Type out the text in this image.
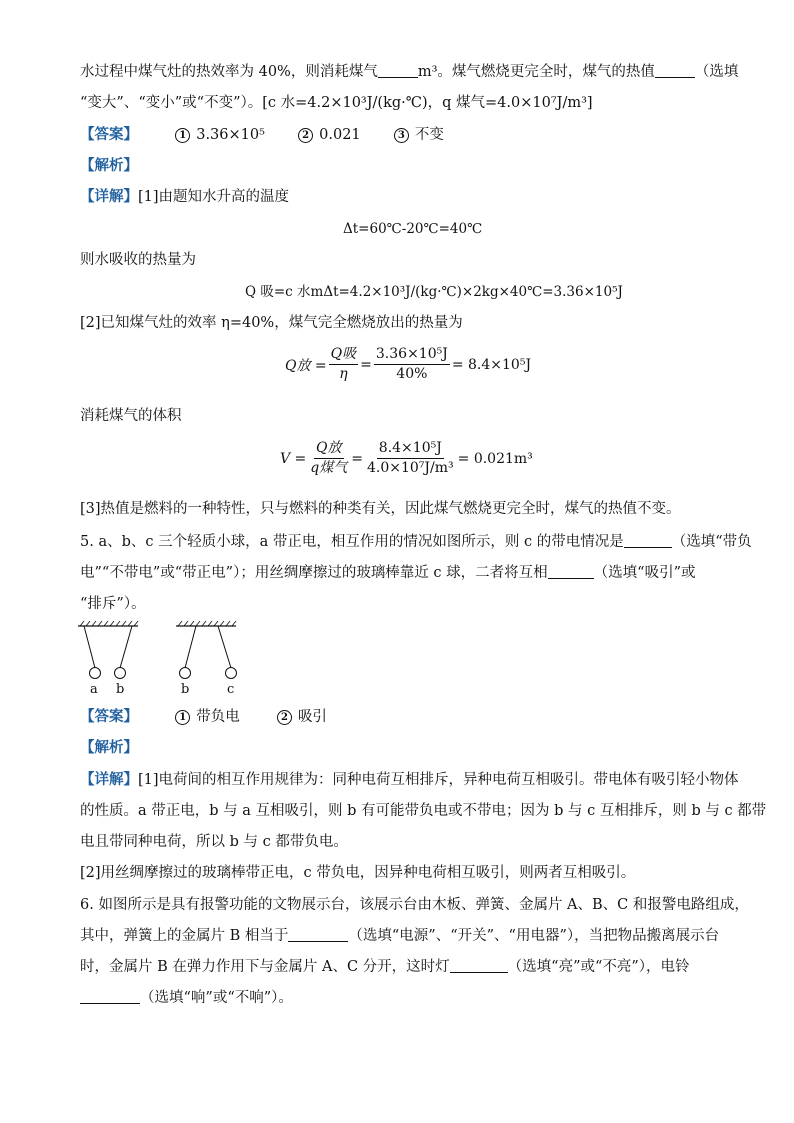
水过程中煤气灶的热效率为 40%，则消耗煤气	m³。煤气燃烧更完全时，煤气的热值	（选填
“变大”、“变小”或“不变”）。[c 水=4.2×10³J/(kg·℃)，q 煤气=4.0×10⁷J/m³]
【答案】	1 3.36×10⁵	2 0.021	3 不变
【解析】
【详解】[1]由题知水升高的温度
Δt=60℃-20℃=40℃
则水吸收的热量为
Q 吸=c 水mΔt=4.2×10³J/(kg·℃)×2kg×40℃=3.36×10⁵J
[2]已知煤气灶的效率 η=40%，煤气完全燃烧放出的热量为
Q放 = $\frac{\text{Q吸}}{\eta} = \frac{\text{3.36×10⁵J}}{40\%} = 8.4\times 10^5J$
消耗煤气的体积
$V = \frac{\text{Q放}}{\text{q煤气}} = \frac{\text{8.4×10⁵J}}{\text{4.0×10⁷J/m³}} = 0.021m^3$
[3]热值是燃料的一种特性，只与燃料的种类有关，因此煤气燃烧更完全时，煤气的热值不变。
5. a、b、c 三个轻质小球，a 带正电，相互作用的情况如图所示，则 c 的带电情况是	（选填“带负
电”“不带电”或“带正电”）；用丝绸摩擦过的玻璃棒靠近 c 球，二者将互相	（选填“吸引”或
“排斥”）。
a b	b	c
【答案】	1 带负电	2 吸引
【解析】
【详解】[1]电荷间的相互作用规律为：同种电荷互相排斥，异种电荷互相吸引。带电体有吸引轻小物体
的性质。a 带正电，b 与 a 互相吸引，则 b 有可能带负电或不带电；因为 b 与 c 互相排斥，则 b 与 c 都带
电且带同种电荷，所以 b 与 c 都带负电。
[2]用丝绸摩擦过的玻璃棒带正电，c 带负电，因异种电荷相互吸引，则两者互相吸引。
6. 如图所示是具有报警功能的文物展示台，该展示台由木板、弹簧、金属片 A、B、C 和报警电路组成，
其中，弹簧上的金属片 B 相当于	（选填“电源”、“开关”、“用电器”），当把物品搬离展示台
时，金属片 B 在弹力作用下与金属片 A、C 分开，这时灯	（选填“亮”或“不亮”），电铃
（选填“响”或“不响”）。
